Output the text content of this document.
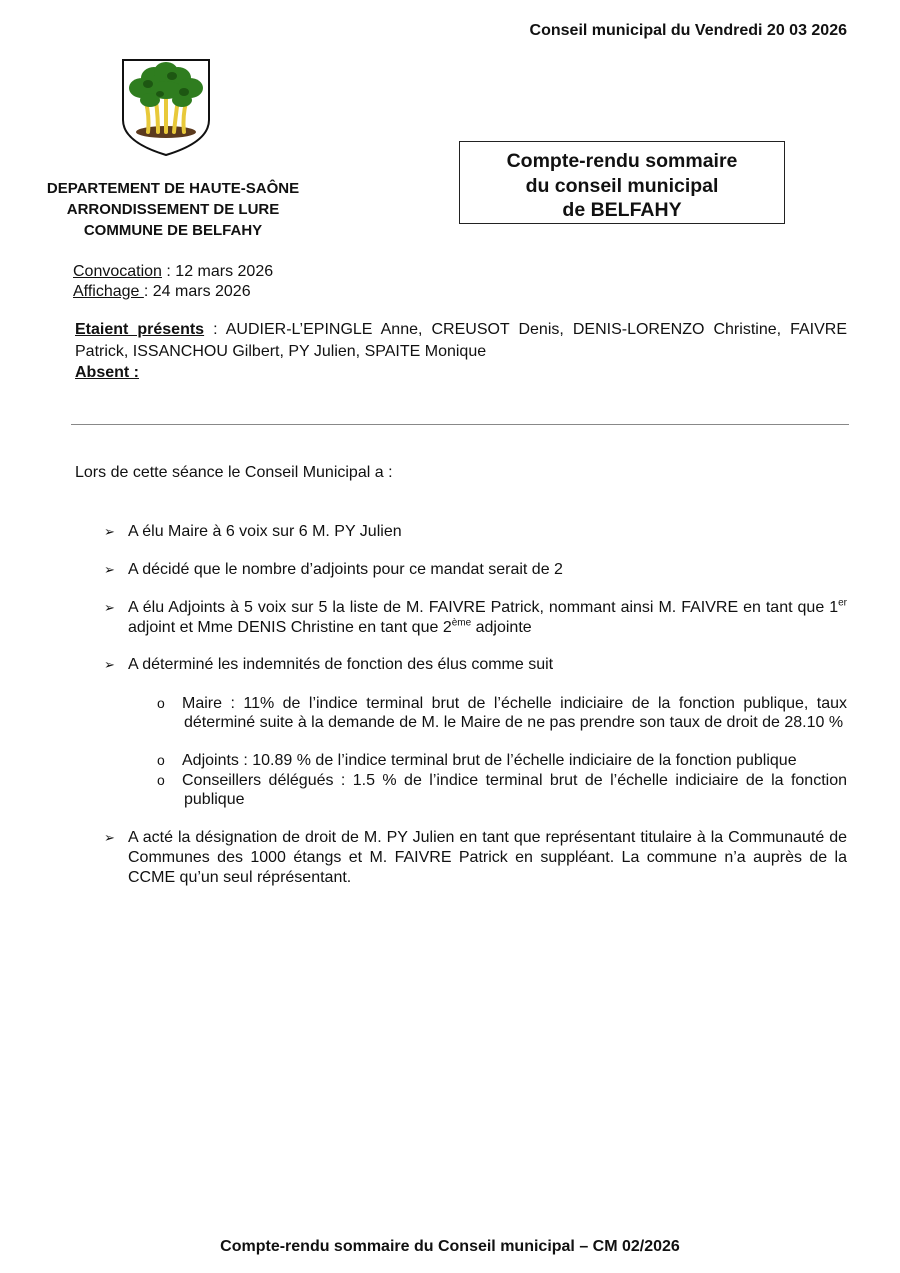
Conseil municipal du Vendredi 20 03 2026
DEPARTEMENT DE HAUTE-SAÔNE
ARRONDISSEMENT DE LURE
COMMUNE DE BELFAHY
Compte-rendu sommaire
du conseil municipal
de BELFAHY
Convocation : 12 mars 2026
Affichage : 24 mars 2026
Etaient présents : AUDIER-L’EPINGLE Anne, CREUSOT Denis, DENIS-LORENZO Christine, FAIVRE Patrick, ISSANCHOU Gilbert, PY Julien, SPAITE Monique
Absent :
Lors de cette séance le Conseil Municipal a :
➢ A élu Maire à 6 voix sur 6 M. PY Julien
➢ A décidé que le nombre d’adjoints pour ce mandat serait de 2
➢ A élu Adjoints à 5 voix sur 5 la liste de M. FAIVRE Patrick, nommant ainsi M. FAIVRE en tant que 1er adjoint et Mme DENIS Christine en tant que 2ème adjointe
➢ A déterminé les indemnités de fonction des élus comme suit
o Maire : 11% de l’indice terminal brut de l’échelle indiciaire de la fonction publique, taux déterminé suite à la demande de M. le Maire de ne pas prendre son taux de droit de 28.10 %
o Adjoints : 10.89 % de l’indice terminal brut de l’échelle indiciaire de la fonction publique
o Conseillers délégués : 1.5 % de l’indice terminal brut de l’échelle indiciaire de la fonction publique
➢ A acté la désignation de droit de M. PY Julien en tant que représentant titulaire à la Communauté de Communes des 1000 étangs et M. FAIVRE Patrick en suppléant. La commune n’a auprès de la CCME qu’un seul réprésentant.
Compte-rendu sommaire du Conseil municipal – CM 02/2026
